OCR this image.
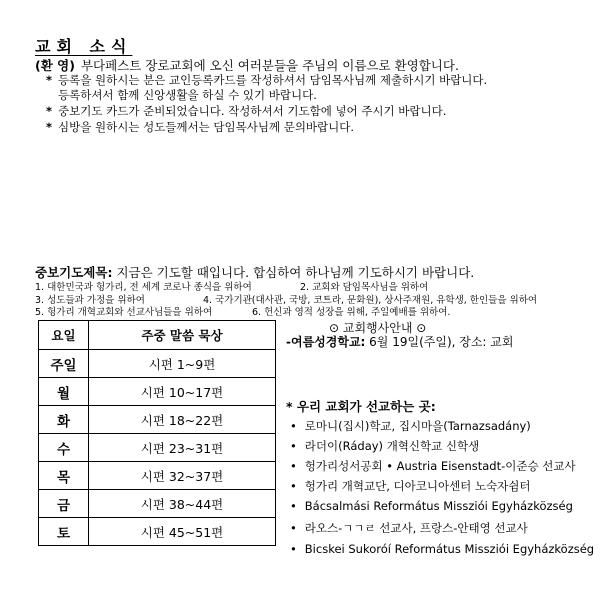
교회 소식
(환 영) 부다페스트 장로교회에 오신 여러분들을 주님의 이름으로 환영합니다.
* 등록을 원하시는 분은 교인등록카드를 작성하셔서 담임목사님께 제출하시기 바랍니다.
등록하셔서 함께 신앙생활을 하실 수 있기 바랍니다.
* 중보기도 카드가 준비되었습니다. 작성하셔서 기도함에 넣어 주시기 바랍니다.
* 심방을 원하시는 성도들께서는 담임목사님께 문의바랍니다.
중보기도제목: 지금은 기도할 때입니다. 합심하여 하나님께 기도하시기 바랍니다.
1. 대한민국과 헝가리, 전 세계 코로나 종식을 위하여	2. 교회와 담임목사님을 위하여
3. 성도들과 가정을 위하여	4. 국가기관(대사관, 국방, 코트라, 문화원), 상사주재원, 유학생, 한인들을 위하여
5. 헝가리 개혁교회와 선교사님들을 위하여	6. 헌신과 영적 성장을 위해, 주일예배를 위하여.
요일	주중 말씀 묵상
주일	시편 1~9편
월	시편 10~17편
화	시편 18~22편
수	시편 23~31편
목	시편 32~37편
금	시편 38~44편
토	시편 45~51편
⊙ 교회행사안내 ⊙
-여름성경학교: 6월 19일(주일), 장소: 교회
* 우리 교회가 선교하는 곳:
• 로마니(집시)학교, 집시마을(Tarnazsadány)
• 라더이(Ráday) 개혁신학교 신학생
• 헝가리성서공회 • Austria Eisenstadt-이준승 선교사
• 헝가리 개혁교단, 디아코니아센터 노숙자쉼터
• Bácsalmási Református Missziói Egyházközség
• 라오스-ㄱㄱㄹ 선교사, 프랑스-안태영 선교사
• Bicskei Sukoróí Református Missziói Egyházközség
